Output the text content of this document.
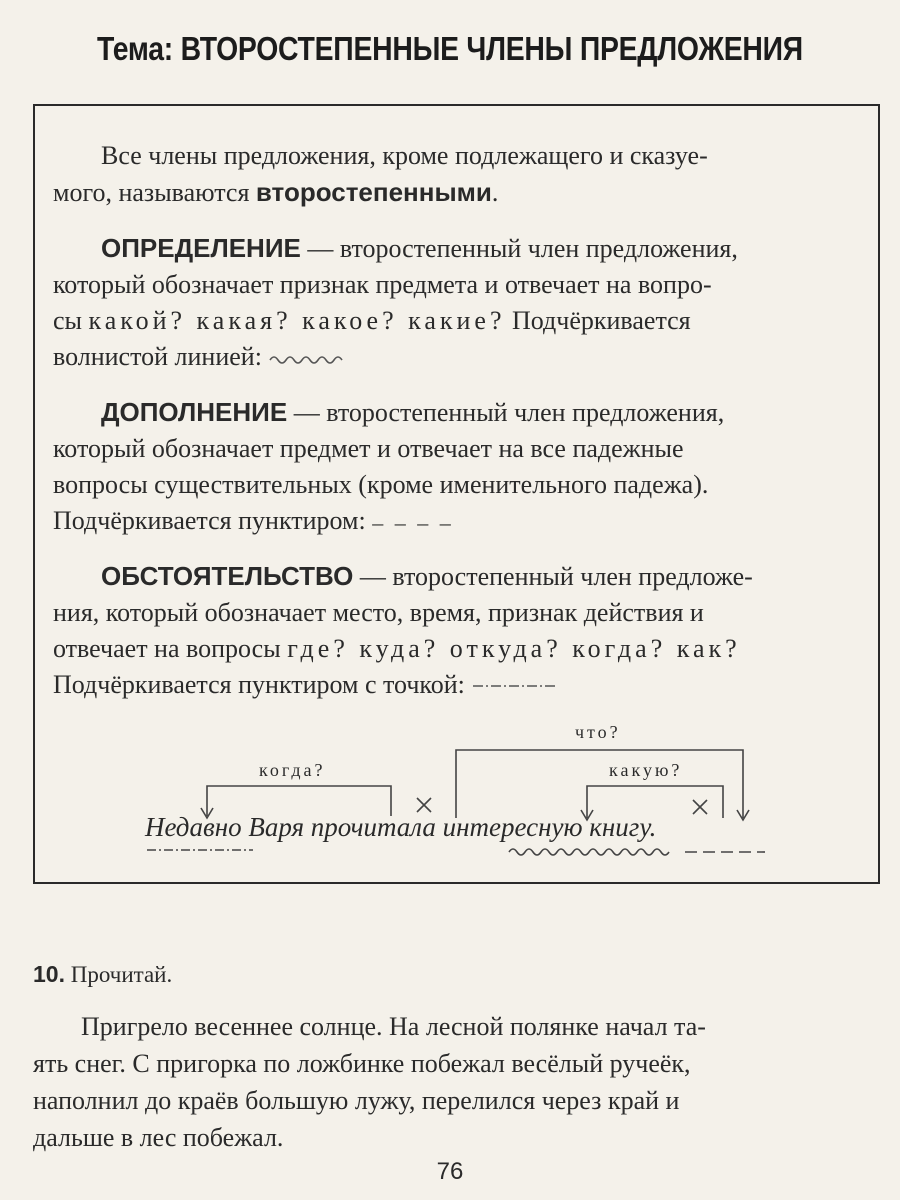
Тема: ВТОРОСТЕПЕННЫЕ ЧЛЕНЫ ПРЕДЛОЖЕНИЯ

Все члены предложения, кроме подлежащего и сказуе-
мого, называются второстепенными.

ОПРЕДЕЛЕНИЕ — второстепенный член предложения,
который обозначает признак предмета и отвечает на вопро-
сы какой? какая? какое? какие? Подчёркивается
волнистой линией:

ДОПОЛНЕНИЕ — второстепенный член предложения,
который обозначает предмет и отвечает на все падежные
вопросы существительных (кроме именительного падежа).
Подчёркивается пунктиром: – – – –

ОБСТОЯТЕЛЬСТВО — второстепенный член предложе-
ния, который обозначает место, время, признак действия и
отвечает на вопросы где? куда? откуда? когда? как?
Подчёркивается пунктиром с точкой:

когда?
что?
какую?
Недавно Варя прочитала интересную книгу.
10. Прочитай.

Пригрело весеннее солнце. На лесной полянке начал та-
ять снег. С пригорка по ложбинке побежал весёлый ручеёк,
наполнил до краёв большую лужу, перелился через край и
дальше в лес побежал.

76
